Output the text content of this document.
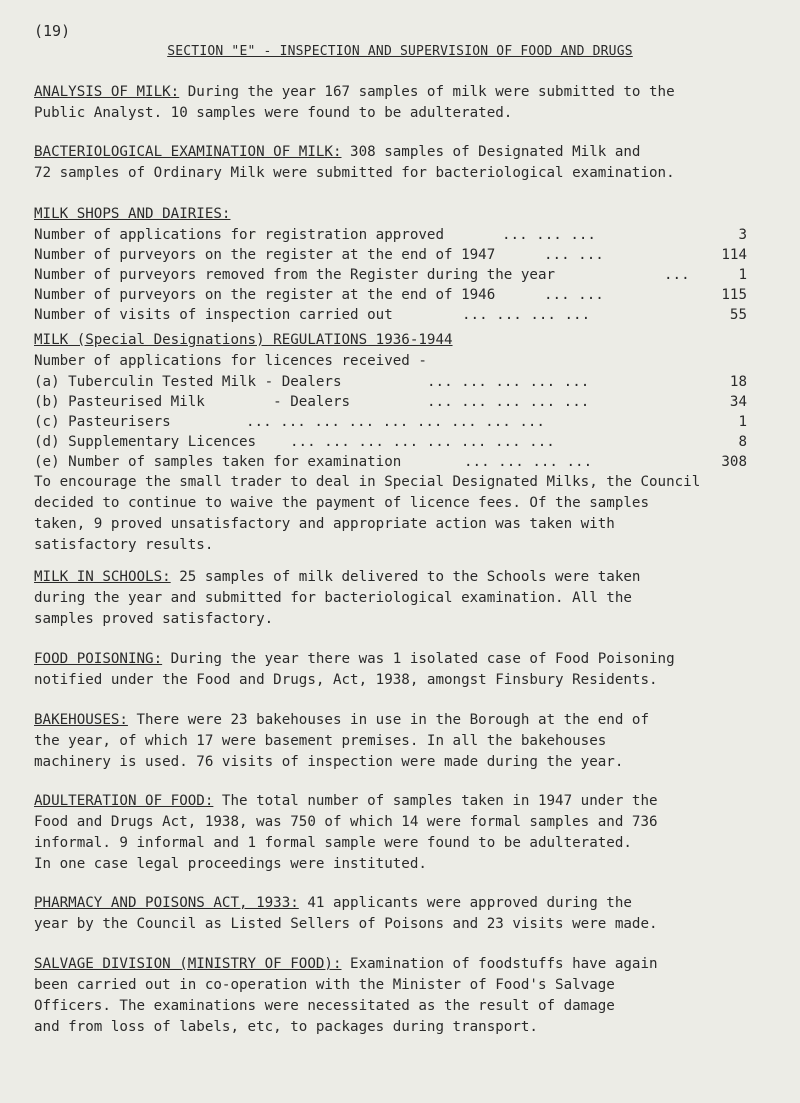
(19)
SECTION "E" - INSPECTION AND SUPERVISION OF FOOD AND DRUGS

ANALYSIS OF MILK: During the year 167 samples of milk were submitted to the

Public Analyst. 10 samples were found to be adulterated.

BACTERIOLOGICAL EXAMINATION OF MILK: 308 samples of Designated Milk and

72 samples of Ordinary Milk were submitted for bacteriological examination.

MILK SHOPS AND DAIRIES:

Number of applications for registration approved	... ... ...	3
Number of purveyors on the register at the end of 1947	... ...	114
Number of purveyors removed from the Register during the year	...	1
Number of purveyors on the register at the end of 1946	... ...	115
Number of visits of inspection carried out	... ... ... ...	55

MILK (Special Designations) REGULATIONS 1936-1944

Number of applications for licences received -

(a) Tuberculin Tested Milk - Dealers	... ... ... ... ...	18
(b) Pasteurised Milk        - Dealers	... ... ... ... ...	34
(c) Pasteurisers	... ... ... ... ... ... ... ... ...	1
(d) Supplementary Licences ... ... ... ... ... ... ... ...	8
(e) Number of samples taken for examination	... ... ... ...	308

To encourage the small trader to deal in Special Designated Milks, the Council

decided to continue to waive the payment of licence fees. Of the samples

taken, 9 proved unsatisfactory and appropriate action was taken with

satisfactory results.

MILK IN SCHOOLS: 25 samples of milk delivered to the Schools were taken

during the year and submitted for bacteriological examination. All the

samples proved satisfactory.

FOOD POISONING: During the year there was 1 isolated case of Food Poisoning

notified under the Food and Drugs, Act, 1938, amongst Finsbury Residents.

BAKEHOUSES: There were 23 bakehouses in use in the Borough at the end of

the year, of which 17 were basement premises. In all the bakehouses

machinery is used. 76 visits of inspection were made during the year.

ADULTERATION OF FOOD: The total number of samples taken in 1947 under the

Food and Drugs Act, 1938, was 750 of which 14 were formal samples and 736

informal. 9 informal and 1 formal sample were found to be adulterated.

In one case legal proceedings were instituted.

PHARMACY AND POISONS ACT, 1933: 41 applicants were approved during the

year by the Council as Listed Sellers of Poisons and 23 visits were made.

SALVAGE DIVISION (MINISTRY OF FOOD): Examination of foodstuffs have again

been carried out in co-operation with the Minister of Food's Salvage

Officers. The examinations were necessitated as the result of damage

and from loss of labels, etc, to packages during transport.
